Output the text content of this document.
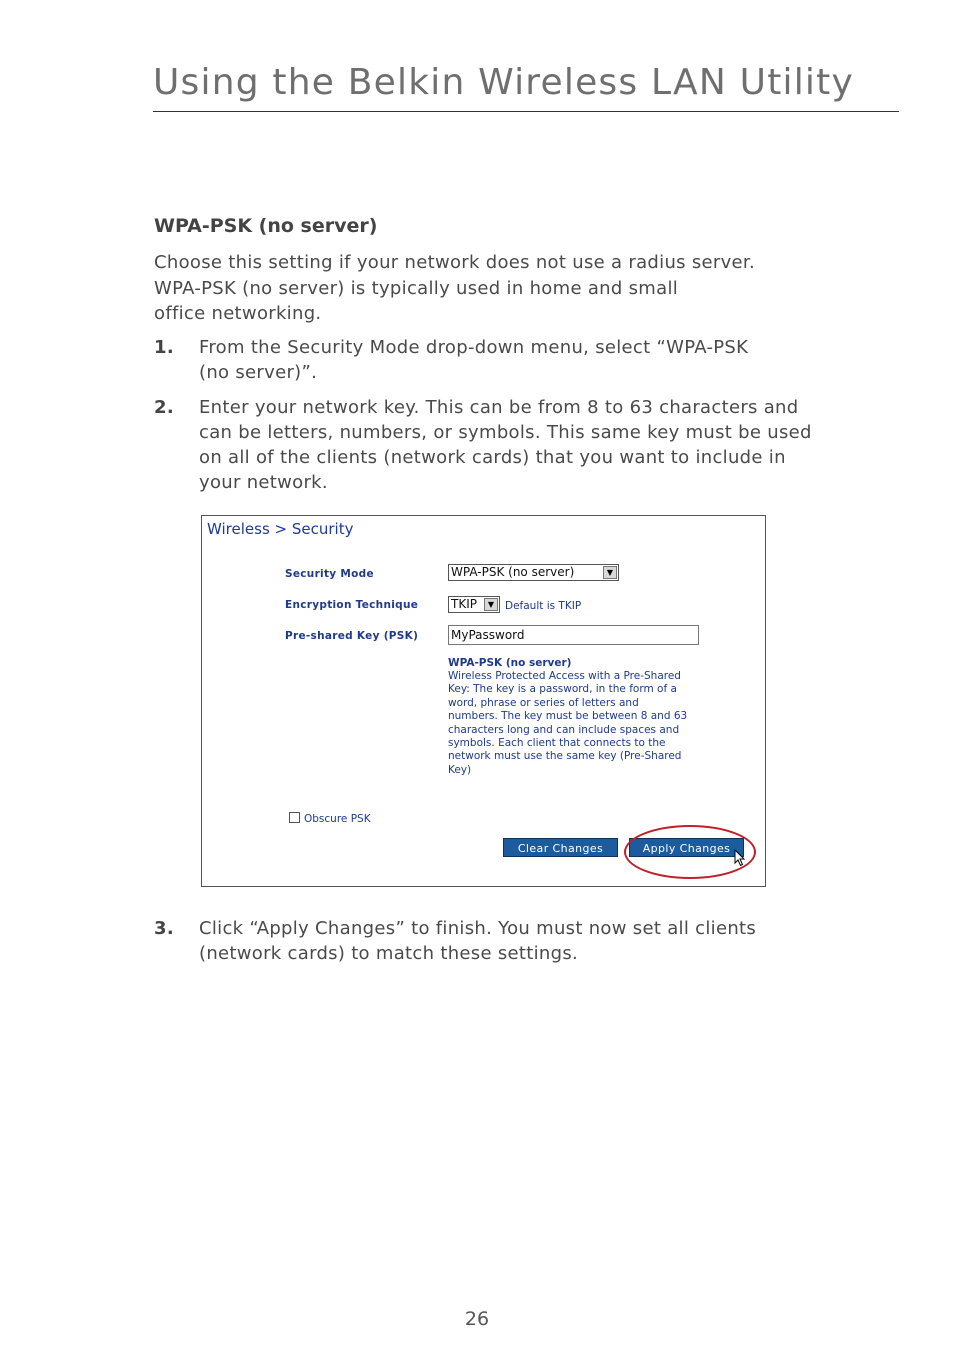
Using the Belkin Wireless LAN Utility
WPA-PSK (no server)

Choose this setting if your network does not use a radius server.
WPA-PSK (no server) is typically used in home and small
office networking.

1. From the Security Mode drop-down menu, select “WPA-PSK
(no server)”.
2. Enter your network key. This can be from 8 to 63 characters and
can be letters, numbers, or symbols. This same key must be used
on all of the clients (network cards) that you want to include in
your network.
Wireless > Security
Security Mode	WPA-PSK (no server)	▼
Encryption Technique	TKIP	▼	Default is TKIP
Pre-shared Key (PSK)	MyPassword
WPA-PSK (no server)
Wireless Protected Access with a Pre-Shared
Key: The key is a password, in the form of a
word, phrase or series of letters and
numbers. The key must be between 8 and 63
characters long and can include spaces and
symbols. Each client that connects to the
network must use the same key (Pre-Shared
Key)
Obscure PSK
Clear Changes	Apply Changes
3. Click “Apply Changes” to finish. You must now set all clients
(network cards) to match these settings.
26
